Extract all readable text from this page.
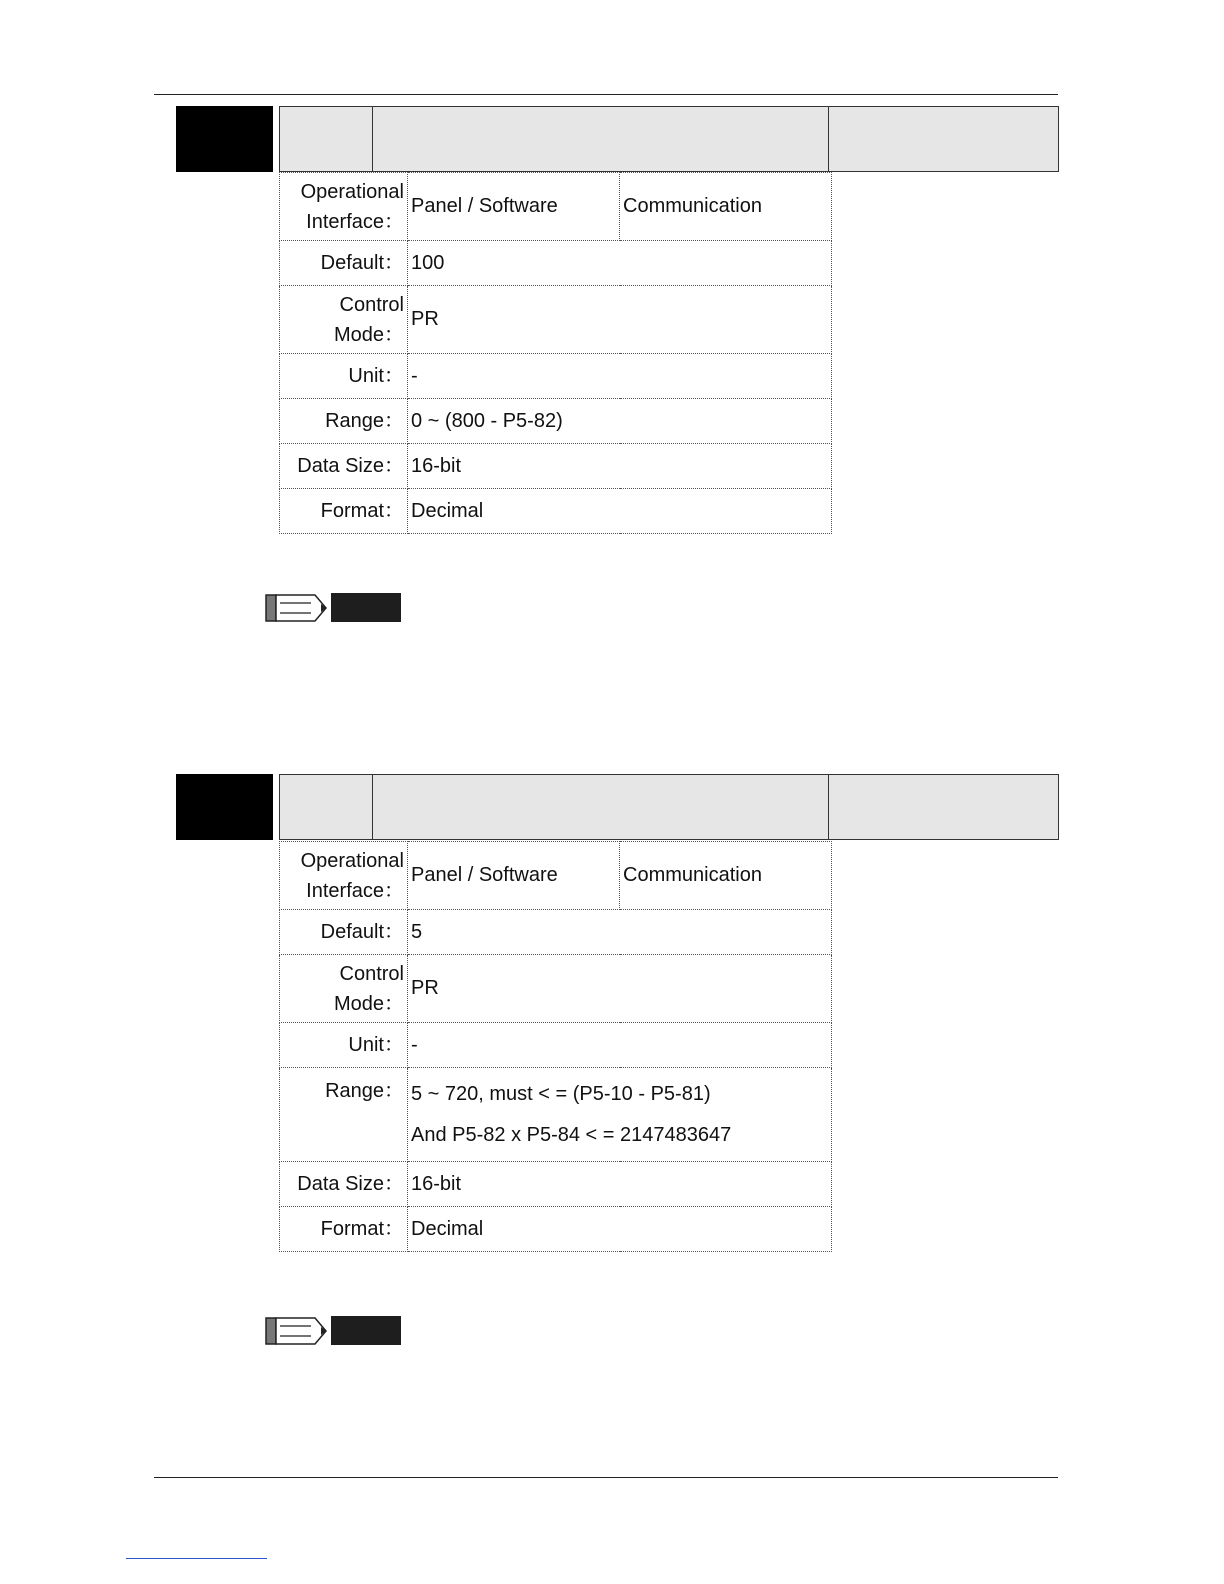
Operational
Interface：	Panel / Software	Communication
Default：	100	

Control
Mode：	PR	
Unit：	-	
Range：	0 ~ (800 - P5-82)	
Data Size：	16-bit	
Format：	Decimal	
Operational
Interface：	Panel / Software	Communication
Default：	5	

Control
Mode：	PR	
Unit：	-	
Range：	5 ~ 720, must < = (P5-10 - P5-81)
And P5-82 x P5-84 < = 2147483647	

Data Size：	16-bit	
Format：	Decimal	
